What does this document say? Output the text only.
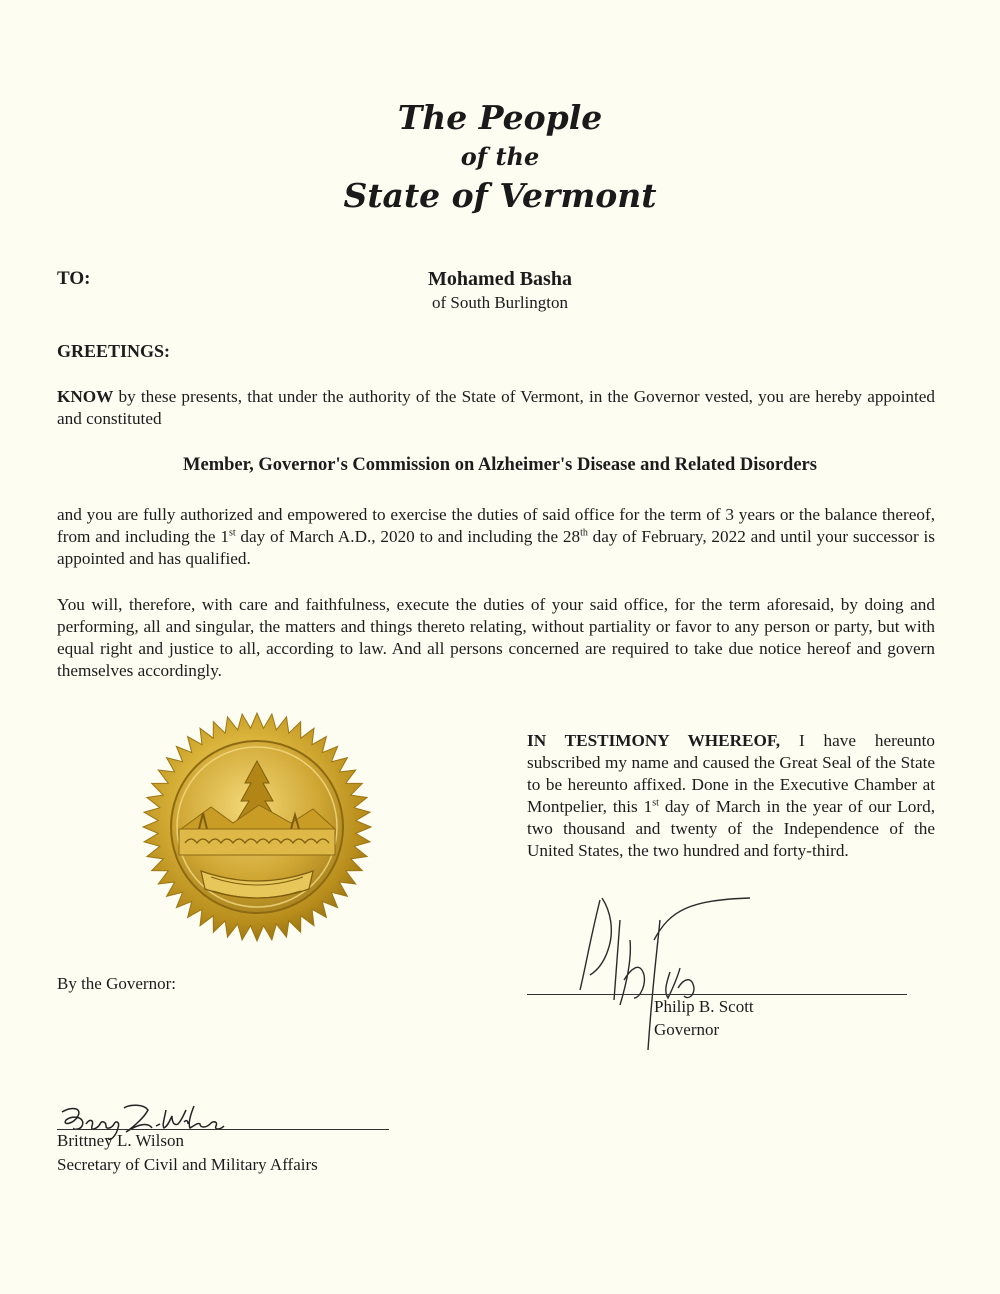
The People
of the
State of Vermont
TO:	Mohamed Basha
of South Burlington
GREETINGS:
KNOW by these presents, that under the authority of the State of Vermont, in the Governor vested, you are hereby appointed and constituted
Member, Governor's Commission on Alzheimer's Disease and Related Disorders
and you are fully authorized and empowered to exercise the duties of said office for the term of 3 years or the balance thereof, from and including the 1st day of March A.D., 2020 to and including the 28th day of February, 2022 and until your successor is appointed and has qualified.
You will, therefore, with care and faithfulness, execute the duties of your said office, for the term aforesaid, by doing and performing, all and singular, the matters and things thereto relating, without partiality or favor to any person or party, but with equal right and justice to all, according to law. And all persons concerned are required to take due notice hereof and govern themselves accordingly.
IN TESTIMONY WHEREOF, I have hereunto subscribed my name and caused the Great Seal of the State to be hereunto affixed. Done in the Executive Chamber at Montpelier, this 1st day of March in the year of our Lord, two thousand and twenty of the Independence of the United States, the two hundred and forty-third.
Philip B. Scott
Governor
By the Governor:
Brittney L. Wilson
Secretary of Civil and Military Affairs
